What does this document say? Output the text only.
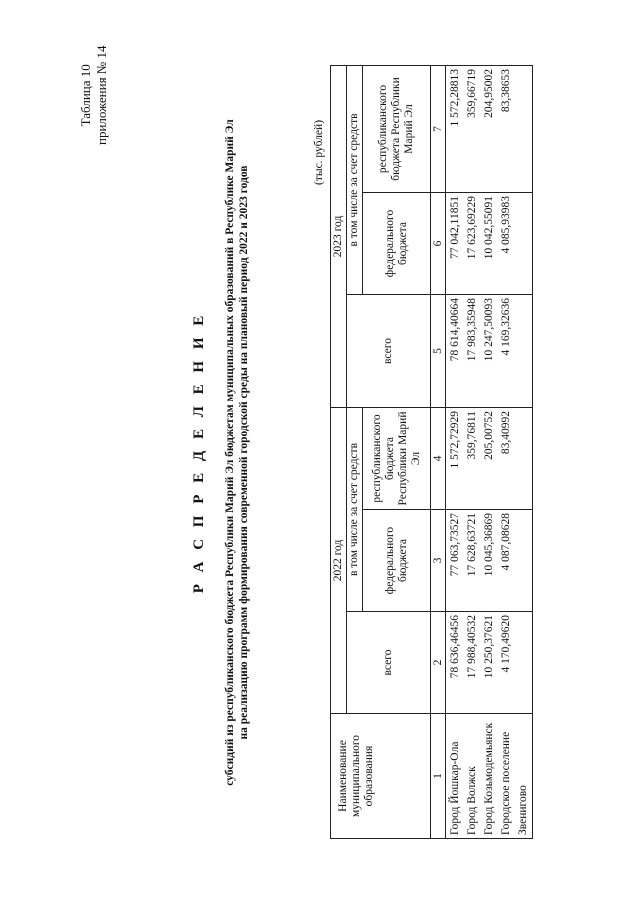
Таблица 10 приложения № 14
Р А С П Р Е Д Е Л Е Н И Е субсидий из республиканского бюджета Республики Марий Эл бюджетам муниципальных образований в Республике Марий Эл на реализацию программ формирования современной городской среды на плановый период 2022 и 2023 годов
(тыс. рублей)
Наименование муниципального образования	2022 год			2023 год		
	всего	в том числе за счет средств		всего	в том числе за счет средств	
		федерального бюджета	республиканского бюджета Республики Марий Эл		федерального бюджета	республиканского бюджета Республики Марий Эл
1	2	3	4	5	6	7
Город Йошкар-Ола	78 636,46456	77 063,73527	1 572,72929	78 614,40664	77 042,11851	1 572,28813
Город Волжск	17 988,40532	17 628,63721	359,76811	17 983,35948	17 623,69229	359,66719
Город Козьмодемьянск	10 250,37621	10 045,36869	205,00752	10 247,50093	10 042,55091	204,95002
Городское поселение	4 170,49620	4 087,08628	83,40992	4 169,32636	4 085,93983	83,38653
Звенигово						
